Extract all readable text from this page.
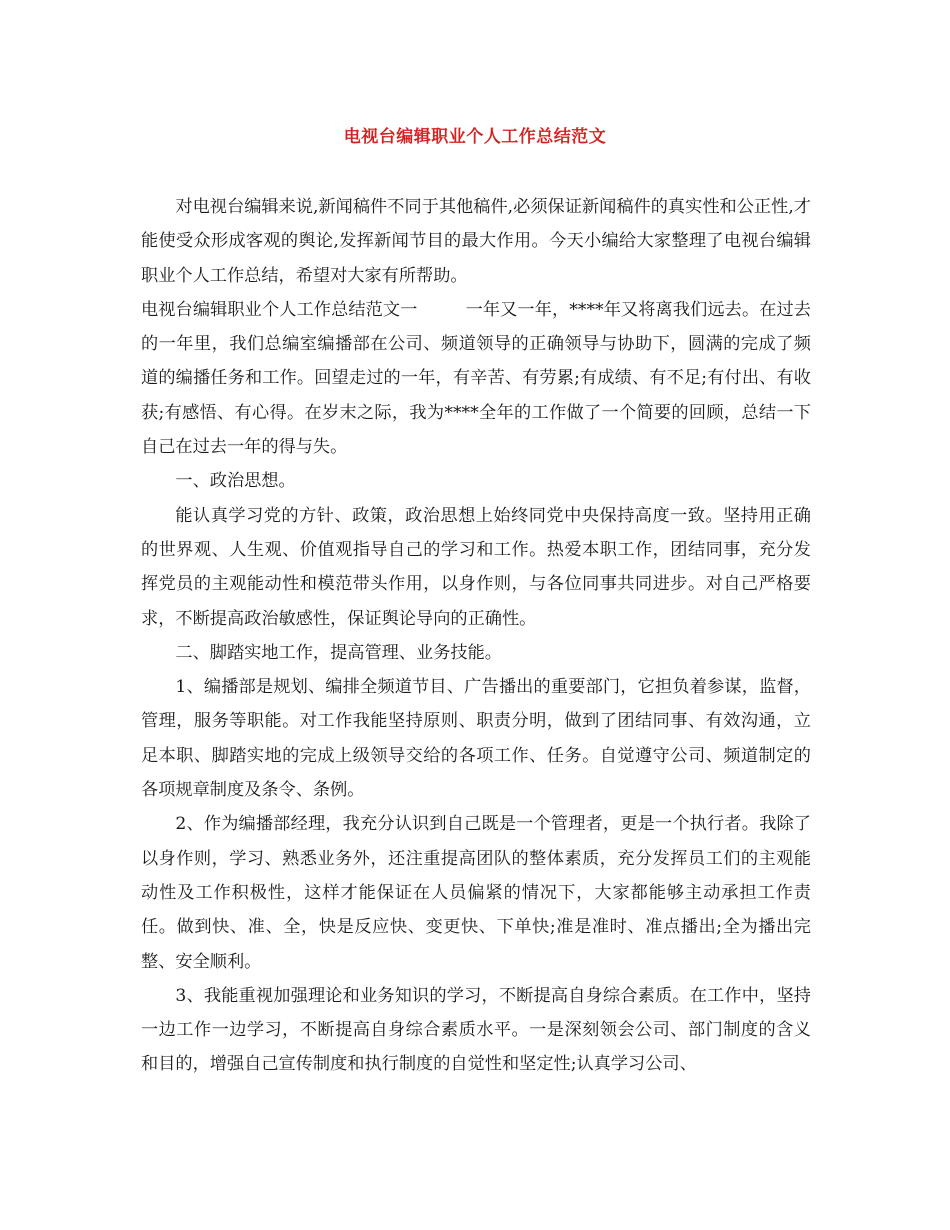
电视台编辑职业个人工作总结范文

对电视台编辑来说,新闻稿件不同于其他稿件,必须保证新闻稿件的真实性和公正性,才能使受众形成客观的舆论,发挥新闻节目的最大作用。今天小编给大家整理了电视台编辑职业个人工作总结，希望对大家有所帮助。

电视台编辑职业个人工作总结范文一	一年又一年，****年又将离我们远去。在过去的一年里，我们总编室编播部在公司、频道领导的正确领导与协助下，圆满的完成了频道的编播任务和工作。回望走过的一年，有辛苦、有劳累;有成绩、有不足;有付出、有收获;有感悟、有心得。在岁末之际，我为****全年的工作做了一个简要的回顾，总结一下自己在过去一年的得与失。

一、政治思想。

能认真学习党的方针、政策，政治思想上始终同党中央保持高度一致。坚持用正确的世界观、人生观、价值观指导自己的学习和工作。热爱本职工作，团结同事，充分发挥党员的主观能动性和模范带头作用，以身作则，与各位同事共同进步。对自己严格要求，不断提高政治敏感性，保证舆论导向的正确性。

二、脚踏实地工作，提高管理、业务技能。

1、编播部是规划、编排全频道节目、广告播出的重要部门，它担负着参谋，监督，管理，服务等职能。对工作我能坚持原则、职责分明，做到了团结同事、有效沟通，立足本职、脚踏实地的完成上级领导交给的各项工作、任务。自觉遵守公司、频道制定的各项规章制度及条令、条例。

2、作为编播部经理，我充分认识到自己既是一个管理者，更是一个执行者。我除了以身作则，学习、熟悉业务外，还注重提高团队的整体素质，充分发挥员工们的主观能动性及工作积极性，这样才能保证在人员偏紧的情况下，大家都能够主动承担工作责任。做到快、准、全，快是反应快、变更快、下单快;准是准时、准点播出;全为播出完整、安全顺利。

3、我能重视加强理论和业务知识的学习，不断提高自身综合素质。在工作中，坚持一边工作一边学习，不断提高自身综合素质水平。一是深刻领会公司、部门制度的含义和目的，增强自己宣传制度和执行制度的自觉性和坚定性;认真学习公司、
